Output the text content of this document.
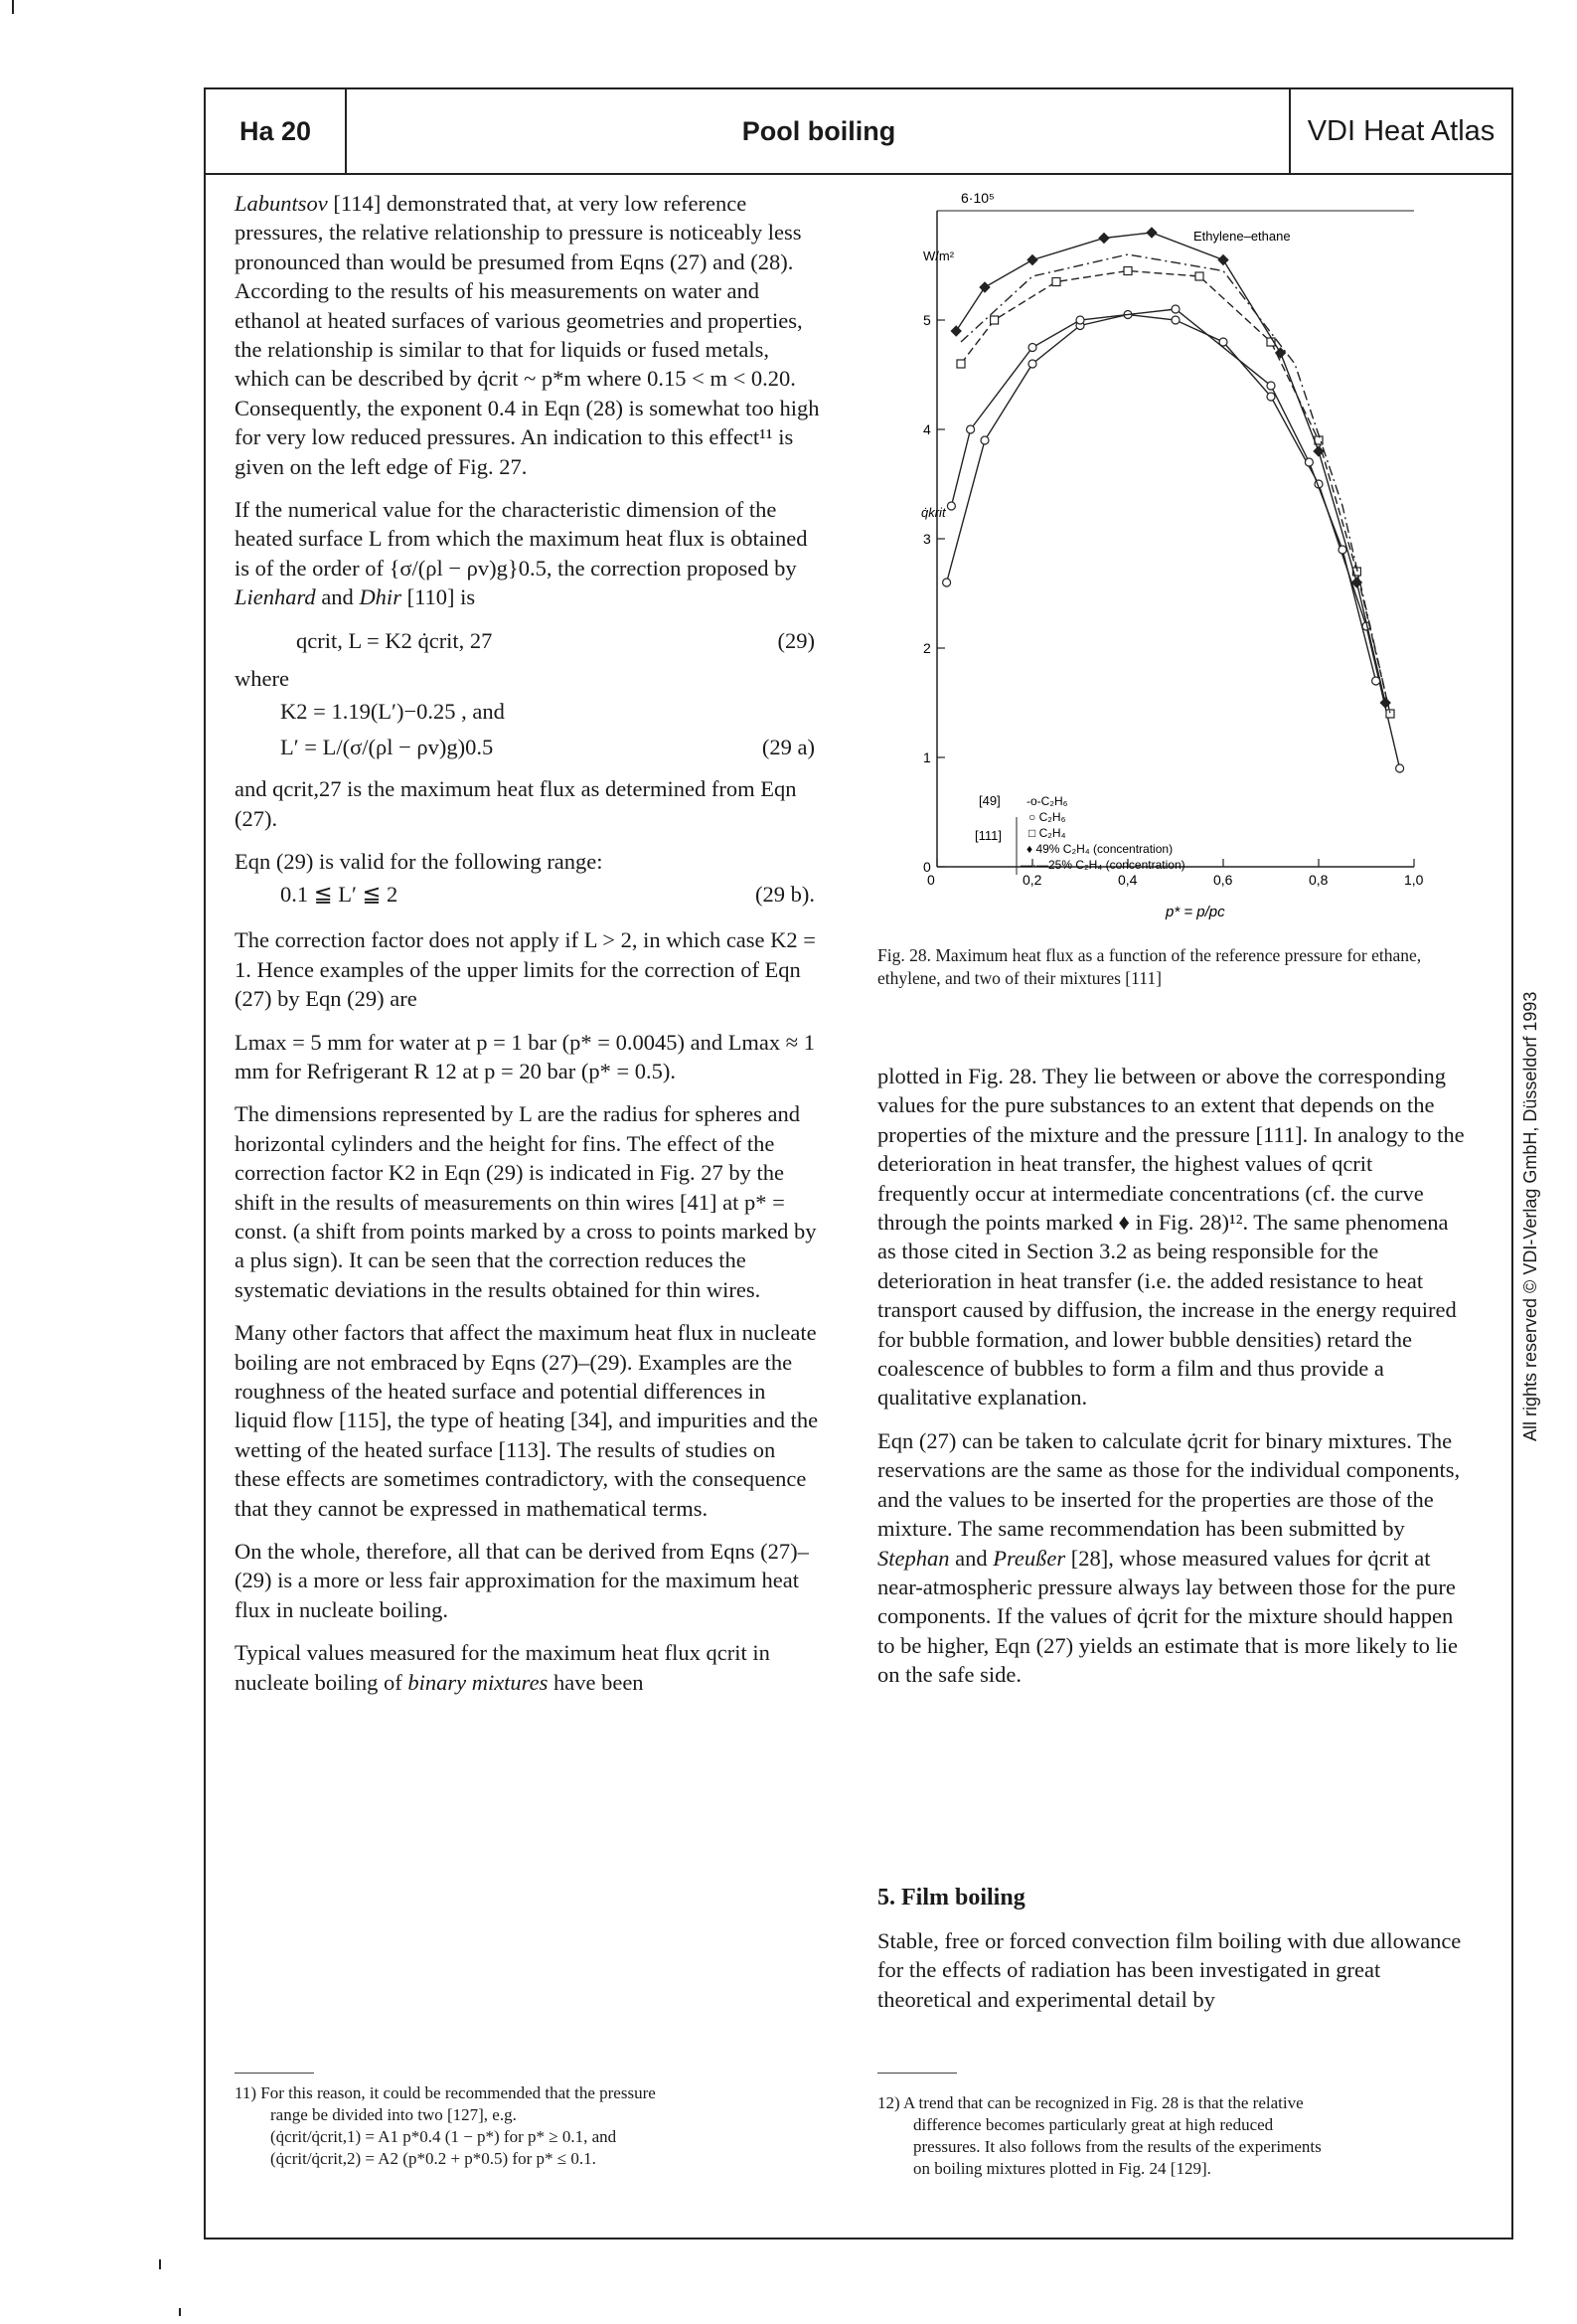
Ha 20	Pool boiling	VDI Heat Atlas

Labuntsov [114] demonstrated that, at very low reference pressures, the relative relationship to pressure is noticeably less pronounced than would be presumed from Eqns (27) and (28). According to the results of his measurements on water and ethanol at heated surfaces of various geometries and properties, the relationship is similar to that for liquids or fused metals, which can be described by q̇crit ~ p*m where 0.15 < m < 0.20. Consequently, the exponent 0.4 in Eqn (28) is somewhat too high for very low reduced pressures. An indication to this effect¹¹ is given on the left edge of Fig. 27.

If the numerical value for the characteristic dimension of the heated surface L from which the maximum heat flux is obtained is of the order of {σ/(ρl − ρv)g}0.5, the correction proposed by Lienhard and Dhir [110] is

qcrit, L = K2 q̇crit, 27	(29)
where
K2 = 1.19(L′)−0.25 , and
L′ = L/(σ/(ρl − ρv)g)0.5	(29 a)

and qcrit,27 is the maximum heat flux as determined from Eqn (27).

Eqn (29) is valid for the following range:

0.1 ≦ L′ ≦ 2	(29 b).

The correction factor does not apply if L > 2, in which case K2 = 1. Hence examples of the upper limits for the correction of Eqn (27) by Eqn (29) are

Lmax = 5 mm for water at p = 1 bar (p* = 0.0045) and Lmax ≈ 1 mm for Refrigerant R 12 at p = 20 bar (p* = 0.5).

The dimensions represented by L are the radius for spheres and horizontal cylinders and the height for fins. The effect of the correction factor K2 in Eqn (29) is indicated in Fig. 27 by the shift in the results of measurements on thin wires [41] at p* = const. (a shift from points marked by a cross to points marked by a plus sign). It can be seen that the correction reduces the systematic deviations in the results obtained for thin wires.

Many other factors that affect the maximum heat flux in nucleate boiling are not embraced by Eqns (27)–(29). Examples are the roughness of the heated surface and potential differences in liquid flow [115], the type of heating [34], and impurities and the wetting of the heated surface [113]. The results of studies on these effects are sometimes contradictory, with the consequence that they cannot be expressed in mathematical terms.

On the whole, therefore, all that can be derived from Eqns (27)–(29) is a more or less fair approximation for the maximum heat flux in nucleate boiling.

Typical values measured for the maximum heat flux qcrit in nucleate boiling of binary mixtures have been

0
1
2
3
4
5
0	0,2	0,4	0,6	0,8	1,0
6·10⁵
W/m²
q̇krit
p* = p/pc
Ethylene–ethane
[49]
[111]
-o-C₂H₆
○ C₂H₆
□ C₂H₄
♦ 49% C₂H₄ (concentration)
—·—25% C₂H₄ (concentration)
Fig. 28. Maximum heat flux as a function of the reference pressure for ethane, ethylene, and two of their mixtures [111]

plotted in Fig. 28. They lie between or above the corresponding values for the pure substances to an extent that depends on the properties of the mixture and the pressure [111]. In analogy to the deterioration in heat transfer, the highest values of qcrit frequently occur at intermediate concentrations (cf. the curve through the points marked ♦ in Fig. 28)¹². The same phenomena as those cited in Section 3.2 as being responsible for the deterioration in heat transfer (i.e. the added resistance to heat transport caused by diffusion, the increase in the energy required for bubble formation, and lower bubble densities) retard the coalescence of bubbles to form a film and thus provide a qualitative explanation.

Eqn (27) can be taken to calculate q̇crit for binary mixtures. The reservations are the same as those for the individual components, and the values to be inserted for the properties are those of the mixture. The same recommendation has been submitted by Stephan and Preußer [28], whose measured values for q̇crit at near-atmospheric pressure always lay between those for the pure components. If the values of q̇crit for the mixture should happen to be higher, Eqn (27) yields an estimate that is more likely to lie on the safe side.

5. Film boiling
Stable, free or forced convection film boiling with due allowance for the effects of radiation has been investigated in great theoretical and experimental detail by
11) For this reason, it could be recommended that the pressure
range be divided into two [127], e.g.
(q̇crit/q̇crit,1) = A1 p*0.4 (1 − p*) for p* ≥ 0.1, and
(q̇crit/q̇crit,2) = A2 (p*0.2 + p*0.5) for p* ≤ 0.1.
12) A trend that can be recognized in Fig. 28 is that the relative
difference becomes particularly great at high reduced
pressures. It also follows from the results of the experiments
on boiling mixtures plotted in Fig. 24 [129].
All rights reserved © VDI-Verlag GmbH, Düsseldorf 1993
